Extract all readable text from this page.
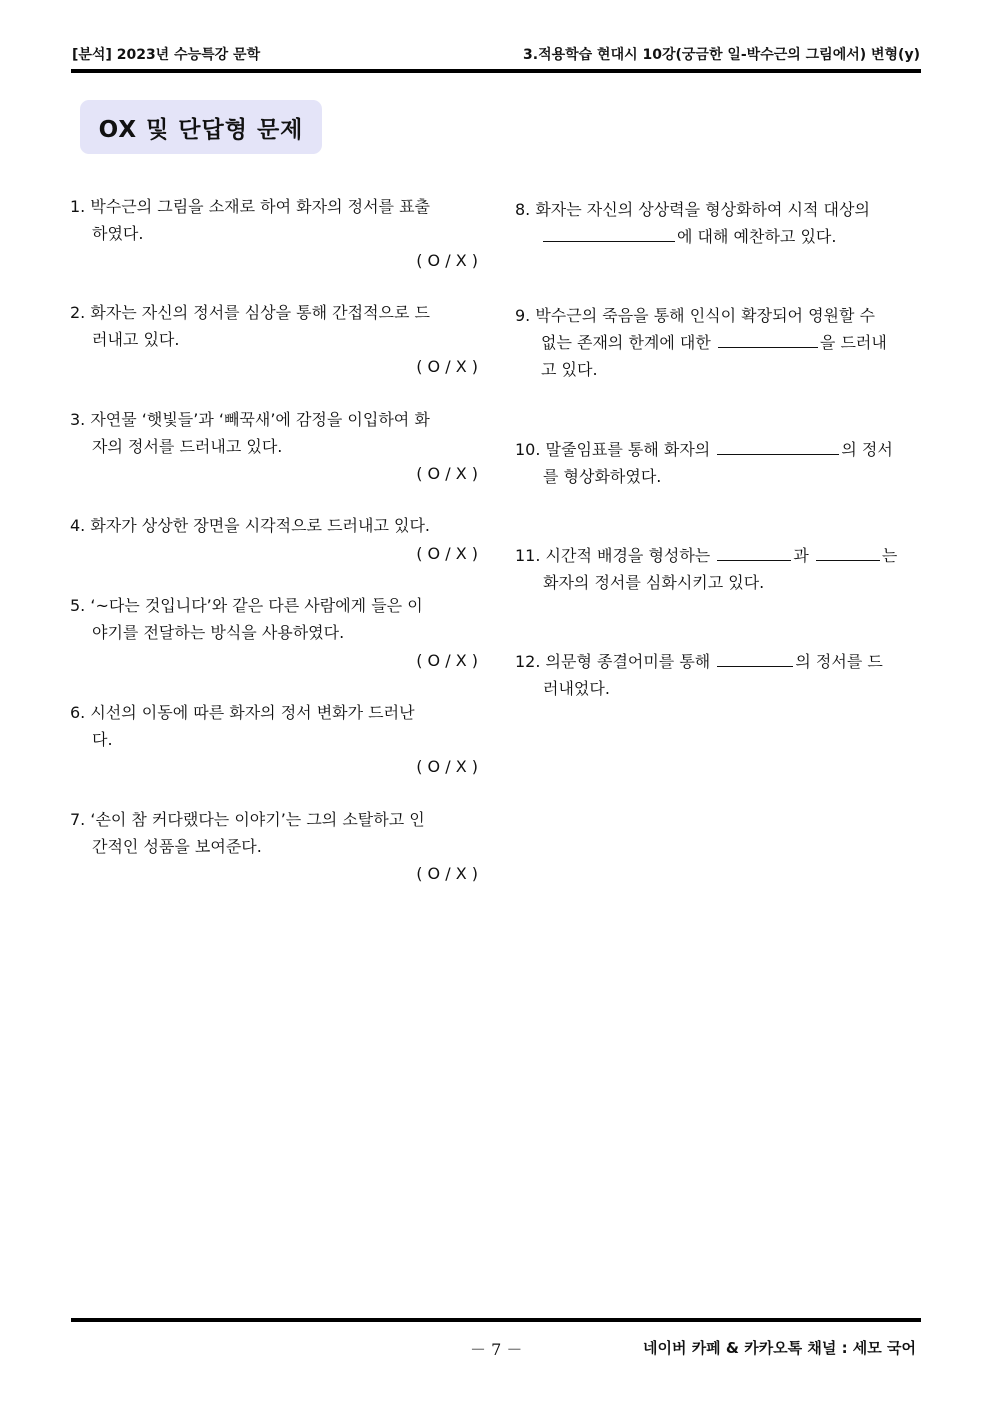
[분석] 2023년 수능특강 문학	3.적용학습 현대시 10강(궁금한 일-박수근의 그림에서) 변형(y)
OX 및 단답형 문제
1. 박수근의 그림을 소재로 하여 화자의 정서를 표출
하였다.
( O / X )
2. 화자는 자신의 정서를 심상을 통해 간접적으로 드
러내고 있다.
( O / X )
3. 자연물 ‘햇빛들’과 ‘빼꾹새’에 감정을 이입하여 화
자의 정서를 드러내고 있다.
( O / X )
4. 화자가 상상한 장면을 시각적으로 드러내고 있다.
( O / X )
5. ‘~다는 것입니다’와 같은 다른 사람에게 들은 이
야기를 전달하는 방식을 사용하였다.
( O / X )
6. 시선의 이동에 따른 화자의 정서 변화가 드러난
다.
( O / X )
7. ‘손이 참 커다랬다는 이야기’는 그의 소탈하고 인
간적인 성품을 보여준다.
( O / X )
8. 화자는 자신의 상상력을 형상화하여 시적 대상의
에 대해 예찬하고 있다.
9. 박수근의 죽음을 통해 인식이 확장되어 영원할 수
없는 존재의 한계에 대한	을 드러내
고 있다.
10. 말줄임표를 통해 화자의	의 정서
를 형상화하였다.
11. 시간적 배경을 형성하는	과	는
화자의 정서를 심화시키고 있다.
12. 의문형 종결어미를 통해	의 정서를 드
러내었다.
－ 7 －	네이버 카페 & 카카오톡 채널 : 세모 국어
